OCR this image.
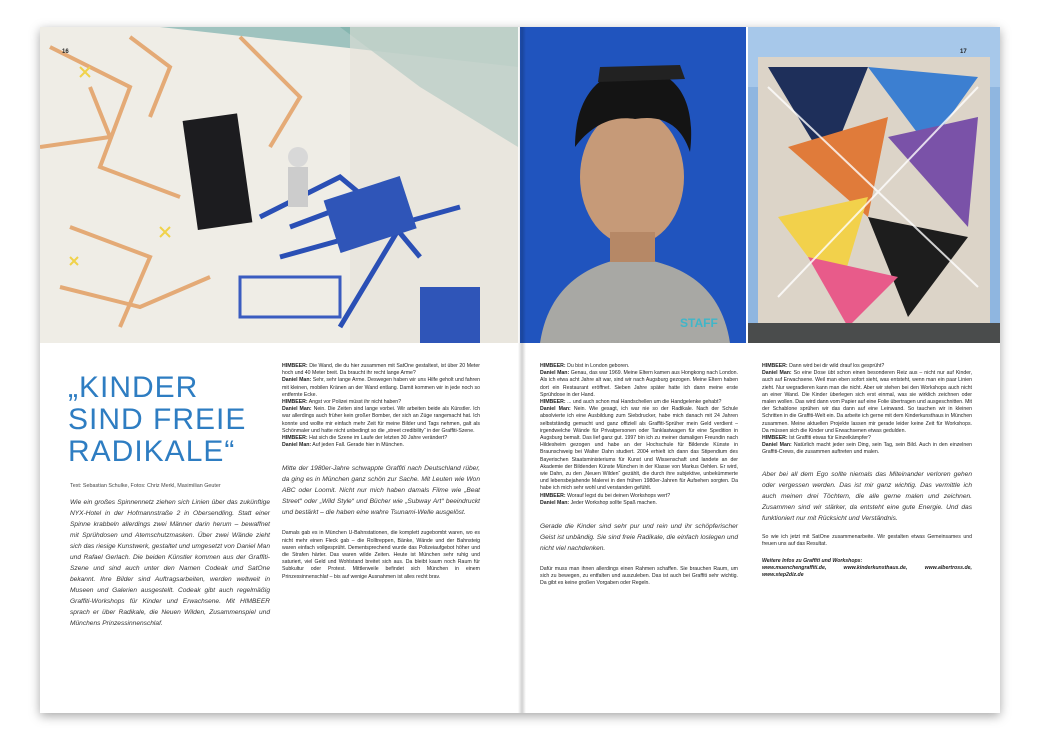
STAFF
16	17
„KINDER
SIND FREIE
RADIKALE“
Text: Sebastian Schulke, Fotos: Chriz Merkl, Maximilian Geuter
Wie ein großes Spinnennetz ziehen sich Linien über das zukünftige NYX-Hotel in der Hofmannstraße 2 in Obersendling. Statt einer Spinne krabbeln allerdings zwei Männer darin herum – bewaffnet mit Sprühdosen und Atemschutzmasken. Über zwei Wände zieht sich das riesige Kunstwerk, gestaltet und umgesetzt von Daniel Man und Rafael Gerlach. Die beiden Künstler kommen aus der Graffiti-Szene und sind auch unter den Namen Codeak und SatOne bekannt. Ihre Bilder sind Auftragsarbeiten, werden weltweit in Museen und Galerien ausgestellt. Codeak gibt auch regelmäßig Graffiti-Workshops für Kinder und Erwachsene. Mit HIMBEER sprach er über Radikale, die Neuen Wilden, Zusammenspiel und Münchens Prinzessinnenschlaf.

HIMBEER: Die Wand, die du hier zusammen mit SatOne gestaltest, ist über 20 Meter hoch und 40 Meter breit. Da braucht ihr recht lange Arme?

Daniel Man: Sehr, sehr lange Arme. Deswegen haben wir uns Hilfe geholt und fahren mit kleinen, mobilen Kränen an der Wand entlang. Damit kommen wir in jede noch so entfernte Ecke.

HIMBEER: Angst vor Polizei müsst ihr nicht haben?

Daniel Man: Nein. Die Zeiten sind lange vorbei. Wir arbeiten beide als Künstler. Ich war allerdings auch früher kein großer Bomber, der sich an Züge rangemacht hat. Ich konnte und wollte mir einfach mehr Zeit für meine Bilder und Tags nehmen, galt als Schönmaler und hatte nicht unbedingt so die „street credibility“ in der Graffiti-Szene.

HIMBEER: Hat sich die Szene im Laufe der letzten 30 Jahre verändert?

Daniel Man: Auf jeden Fall. Gerade hier in München.

Mitte der 1980er-Jahre schwappte Graffiti nach Deutschland rüber, da ging es in München ganz schön zur Sache. Mit Leuten wie Won ABC oder Loomit. Nicht nur mich haben damals Filme wie „Beat Street“ oder „Wild Style“ und Bücher wie „Subway Art“ beeindruckt und bestärkt – die haben eine wahre Tsunami-Welle ausgelöst.

Damals gab es in München U-Bahnstationen, die komplett zugebombt waren, wo es nicht mehr einen Fleck gab – die Rolltreppen, Bänke, Wände und der Bahnsteig waren einfach vollgesprüht. Dementsprechend wurde das Polizeiaufgebot höher und die Strafen härter. Das waren wilde Zeiten. Heute ist München sehr ruhig und saturiert, viel Geld und Wohlstand breitet sich aus. Da bleibt kaum noch Raum für Subkultur oder Protest. Mittlerweile befindet sich München in einem Prinzessinnenschlaf – bis auf wenige Ausnahmen ist alles recht brav.

HIMBEER: Du bist in London geboren.

Daniel Man: Genau, das war 1969. Meine Eltern kamen aus Hongkong nach London. Als ich etwa acht Jahre alt war, sind wir nach Augsburg gezogen. Meine Eltern haben dort ein Restaurant eröffnet. Sieben Jahre später hatte ich dann meine erste Sprühdose in der Hand.

HIMBEER: ... und auch schon mal Handschellen um die Handgelenke gehabt?

Daniel Man: Nein. Wie gesagt, ich war nie so der Radikale. Nach der Schule absolvierte ich eine Ausbildung zum Siebdrucker, habe mich danach mit 24 Jahren selbstständig gemacht und ganz offiziell als Graffiti-Sprüher mein Geld verdient – irgendwelche Wände für Privatpersonen oder Tanklastwagen für eine Spedition in Augsburg bemalt. Das lief ganz gut. 1997 bin ich zu meiner damaligen Freundin nach Hildesheim gezogen und habe an der Hochschule für Bildende Künste in Braunschweig bei Walter Dahn studiert. 2004 erhielt ich dann das Stipendium des Bayerischen Staatsministeriums für Kunst und Wissenschaft und landete an der Akademie der Bildenden Künste München in der Klasse von Markus Oehlen. Er wird, wie Dahn, zu den „Neuen Wilden“ gezählt, die durch ihre subjektive, unbekümmerte und lebensbejahende Malerei in den frühen 1980er-Jahren für Aufsehen sorgten. Da habe ich mich sehr wohl und verstanden gefühlt.

HIMBEER: Worauf legst du bei deinen Workshops wert?

Daniel Man: Jeder Workshop sollte Spaß machen.

Gerade die Kinder sind sehr pur und rein und ihr schöpferischer Geist ist unbändig. Sie sind freie Radikale, die einfach loslegen und nicht viel nachdenken.

Dafür muss man ihnen allerdings einen Rahmen schaffen. Sie brauchen Raum, um sich zu bewegen, zu entfalten und auszuleben. Das ist auch bei Graffiti sehr wichtig. Da gibt es keine großen Vorgaben oder Regeln.

HIMBEER: Dann wird bei dir wild drauf los gesprüht?

Daniel Man: So eine Dose übt schon einen besonderen Reiz aus – nicht nur auf Kinder, auch auf Erwachsene. Weil man eben sofort sieht, was entsteht, wenn man ein paar Linien zieht. Nur wegradieren kann man die nicht. Aber wir stehen bei den Workshops auch nicht an einer Wand. Die Kinder überlegen sich erst einmal, was sie wirklich zeichnen oder malen wollen. Das wird dann vom Papier auf eine Folie übertragen und ausgeschnitten. Mit der Schablone sprühen wir das dann auf eine Leinwand. So tauchen wir in kleinen Schritten in die Graffiti-Welt ein. Da arbeite ich gerne mit dem Kinderkunsthaus in München zusammen. Meine aktuellen Projekte lassen mir gerade leider keine Zeit für Workshops. Da müssen sich die Kinder und Erwachsenen etwas gedulden.

HIMBEER: Ist Graffiti etwas für Einzelkämpfer?

Daniel Man: Natürlich macht jeder sein Ding, sein Tag, sein Bild. Auch in den einzelnen Graffiti-Crews, die zusammen auftreten und malen.

Aber bei all dem Ego sollte niemals das Miteinander verloren gehen oder vergessen werden. Das ist mir ganz wichtig. Das vermittle ich auch meinen drei Töchtern, die alle gerne malen und zeichnen. Zusammen sind wir stärker, da entsteht eine gute Energie. Und das funktioniert nur mit Rücksicht und Verständnis.

So wie ich jetzt mit SatOne zusammenarbeite. Wir gestalten etwas Gemeinsames und freuen uns auf das Resultat.

Weitere Infos zu Graffiti und Workshops:

www.muenchengraffiti.de, www.kinderkunsthaus.de, www.albertross.de, www.step2diz.de
